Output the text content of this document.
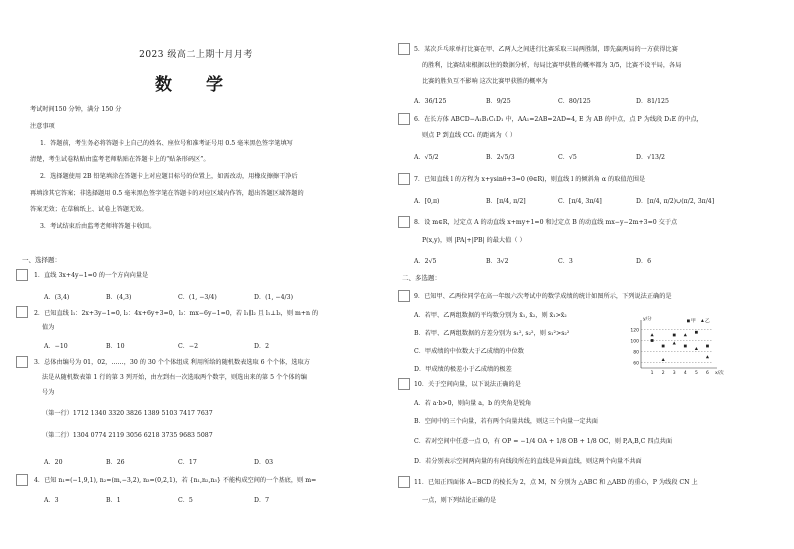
2023 级高二上期十月月考
数 学
考试时间150 分钟，满分 150 分
注意事项
1．答题前，考生务必将答题卡上自己的姓名、座位号和准考证号用 0.5 毫米黑色签字笔填写
清楚，考生试卷粘贴由监考老师粘贴在答题卡上的“贴条形码区”。
2．选择题使用 2B 铅笔填涂在答题卡上对应题目标号的位置上，如需改动，用橡皮擦擦干净后
再填涂其它答案；非选择题用 0.5 毫米黑色签字笔在答题卡的对应区域内作答，超出答题区域答题的
答案无效；在草稿纸上、试卷上答题无效。
3．考试结束后由监考老师将答题卡收回。
一、选择题：
1．直线 3x+4y−1=0 的一个方向向量是
A．(3,4)	B．(4,3)	C．(1, −3/4)	D．(1, −4/3)
2．已知直线 l₁：2x+3y−1=0, l₂：4x+6y+3=0，l₃：mx−6y−1=0，若 l₁∥l₂ 且 l₁⊥l₃，则 m+n 的
值为
A．−10	B．10	C．−2	D．2
3．总体由编号为 01，02，……，30 的 30 个个体组成 利用所给的随机数表选取 6 个个体，选取方
法是从随机数表第 1 行的第 3 列开始，由左到右一次选取两个数字，则选出来的第 5 个个体的编
号为
（第一行）1712 1340 3320 3826 1389 5103 7417 7637
（第二行）1304 0774 2119 3056 6218 3735 9683 5087
A．20	B．26	C．17	D．03
4．已知 n₁=(−1,9,1), n₂=(m,−3,2), n₃=(0,2,1)，若 {n₁,n₂,n₃} 不能构成空间的一个基底，则 m=
A．3	B．1	C．5	D．7
5．某次乒乓球单打比赛在甲、乙两人之间进行比赛采取三局两胜制，即先赢两局的一方获得比赛
的胜利，比赛结束根据以往的数据分析，每局比赛甲获胜的概率都为 3/5，比赛不设平局，各局
比赛的胜负互不影响 这次比赛甲获胜的概率为
A．36/125	B．9/25	C．80/125	D．81/125
6．在长方体 ABCD−A₁B₁C₁D₁ 中，AA₁=2AB=2AD=4, E 为 AB 的中点，点 P 为线段 D₁E 的中点，
则点 P 到直线 CC₁ 的距离为（ ）
A．√5/2	B．2√5/3	C．√5	D．√13/2
7．已知直线 l 的方程为 x+ysinθ+3=0 (θ∈R)，则直线 l 的倾斜角 α 的取值范围是
A．[0,π)	B．[π/4, π/2]	C．[π/4, 3π/4]	D．[π/4, π/2)∪(π/2, 3π/4]
8．设 m∈R，过定点 A 的动直线 x+my+1=0 和过定点 B 的动直线 mx−y−2m+3=0 交于点
P(x,y)，则 |PA|+|PB| 的最大值（ ）
A．2√5	B．3√2	C．3	D．6
二、多选题：
9．已知甲、乙两位同学在高一年级六次考试中的数学成绩的统计如图所示，下列说法正确的是
A．若甲、乙两组数据的平均数分别为 x̄₁, x̄₂，则 x̄₁>x̄₂
B．若甲、乙两组数据的方差分别为 s₁², s₂²，则 s₁²>s₂²
C．甲成绩的中位数大于乙成绩的中位数
D．甲成绩的极差小于乙成绩的极差
10．关于空间向量，以下说法正确的是
A．若 a·b>0，则向量 a，b 的夹角是锐角
B．空间中的三个向量，若有两个向量共线，则这三个向量一定共面
C．若对空间中任意一点 O，有 OP = −1/4 OA + 1/8 OB + 1/8 OC，则 P,A,B,C 四点共面
D．若分别表示空间两向量的有向线段所在的直线是异面直线，则这两个向量不共面
11．已知正四面体 A−BCD 的棱长为 2，点 M，N 分别为 △ABC 和 △ABD 的重心，P 为线段 CN 上
一点，则下列结论正确的是
60
80
100
120
1 2 3 4 5 6
y/分
x/次
甲 乙
